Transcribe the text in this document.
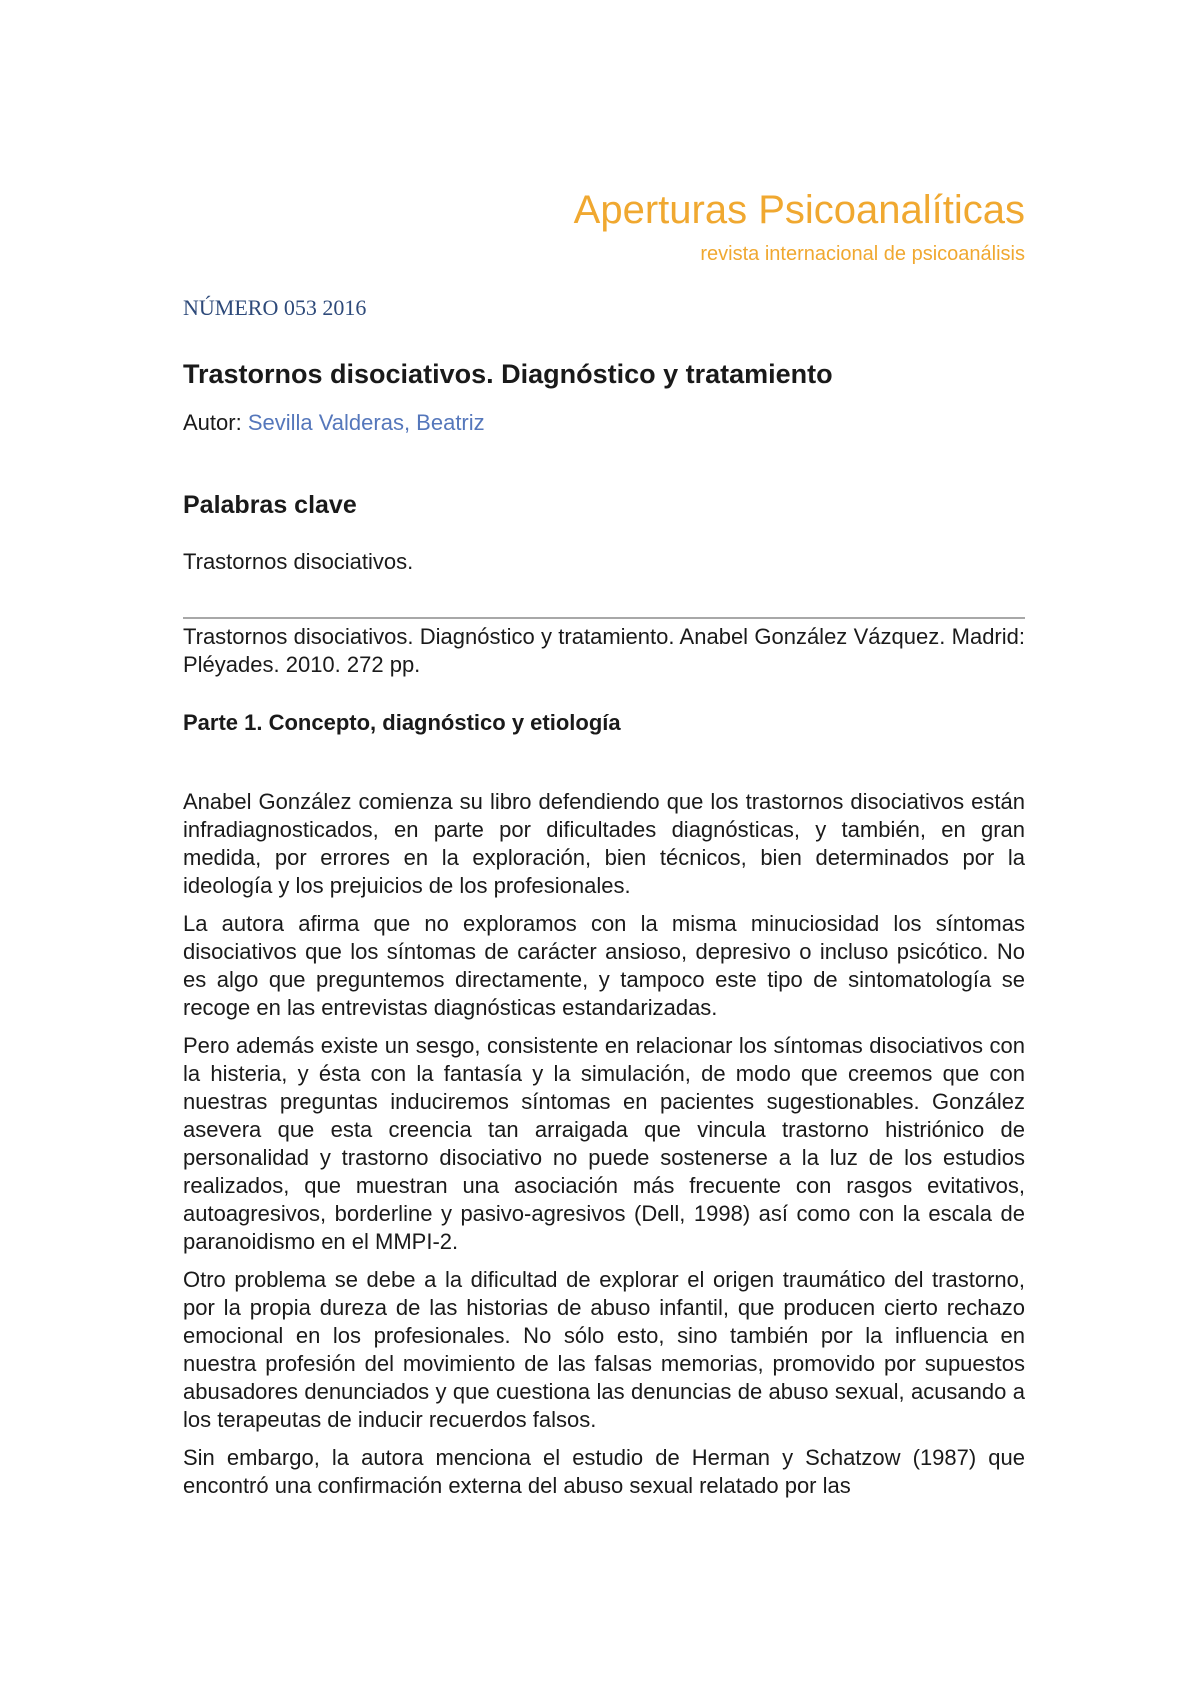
Aperturas Psicoanalíticas
revista internacional de psicoanálisis
NÚMERO 053 2016
Trastornos disociativos. Diagnóstico y tratamiento
Autor: Sevilla Valderas, Beatriz
Palabras clave
Trastornos disociativos.
Trastornos disociativos. Diagnóstico y tratamiento. Anabel González Vázquez. Madrid: Pléyades. 2010. 272 pp.
Parte 1. Concepto, diagnóstico y etiología

Anabel González comienza su libro defendiendo que los trastornos disociativos están infradiagnosticados, en parte por dificultades diagnósticas, y también, en gran medida, por errores en la exploración, bien técnicos, bien determinados por la ideología y los prejuicios de los profesionales.

La autora afirma que no exploramos con la misma minuciosidad los síntomas disociativos que los síntomas de carácter ansioso, depresivo o incluso psicótico. No es algo que preguntemos directamente, y tampoco este tipo de sintomatología se recoge en las entrevistas diagnósticas estandarizadas.

Pero además existe un sesgo, consistente en relacionar los síntomas disociativos con la histeria, y ésta con la fantasía y la simulación, de modo que creemos que con nuestras preguntas induciremos síntomas en pacientes sugestionables. González asevera que esta creencia tan arraigada que vincula trastorno histriónico de personalidad y trastorno disociativo no puede sostenerse a la luz de los estudios realizados, que muestran una asociación más frecuente con rasgos evitativos, autoagresivos, borderline y pasivo-agresivos (Dell, 1998) así como con la escala de paranoidismo en el MMPI-2.

Otro problema se debe a la dificultad de explorar el origen traumático del trastorno, por la propia dureza de las historias de abuso infantil, que producen cierto rechazo emocional en los profesionales. No sólo esto, sino también por la influencia en nuestra profesión del movimiento de las falsas memorias, promovido por supuestos abusadores denunciados y que cuestiona las denuncias de abuso sexual, acusando a los terapeutas de inducir recuerdos falsos.

Sin embargo, la autora menciona el estudio de Herman y Schatzow (1987) que encontró una confirmación externa del abuso sexual relatado por las
